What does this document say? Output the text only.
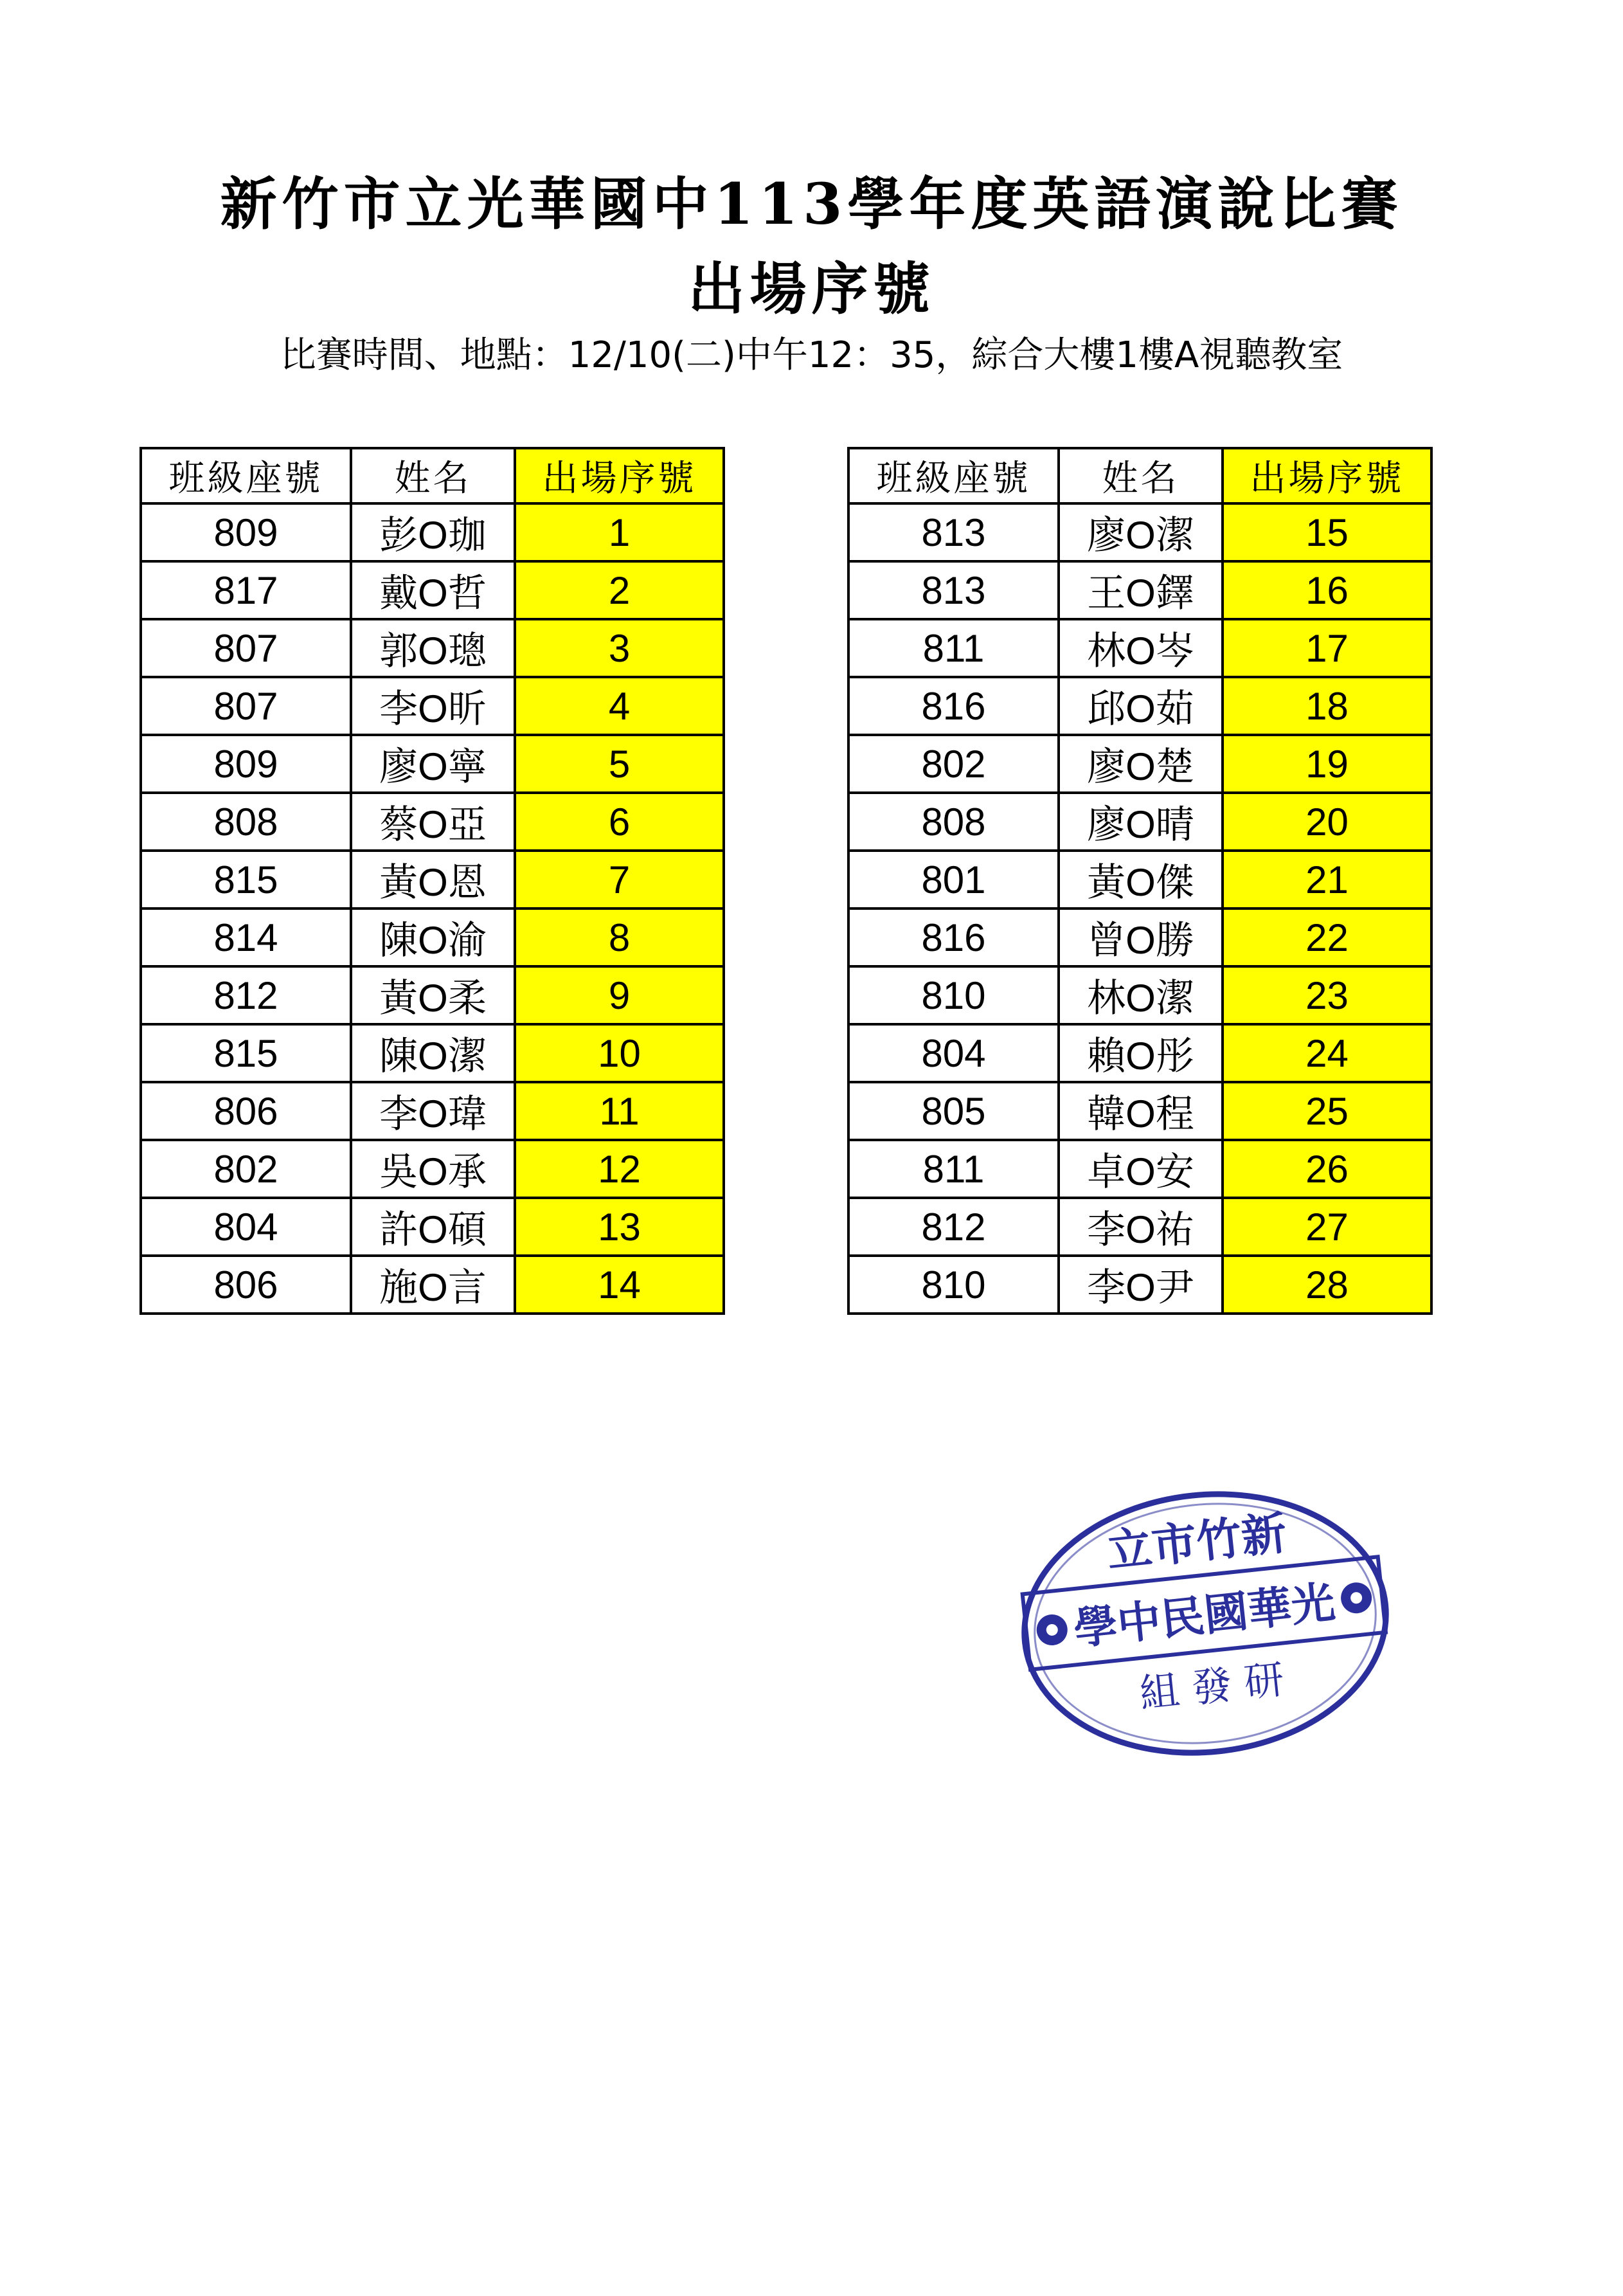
新竹市立光華國中113學年度英語演說比賽
出場序號
比賽時間、地點：12/10(二)中午12：35，綜合大樓1樓A視聽教室
班級座號	姓名	出場序號
809	彭O珈	1
817	戴O哲	2
807	郭O璁	3
807	李O昕	4
809	廖O寧	5
808	蔡O亞	6
815	黃O恩	7
814	陳O渝	8
812	黃O柔	9
815	陳O潔	10
806	李O瑋	11
802	吳O承	12
804	許O碩	13
806	施O言	14
班級座號	姓名	出場序號
813	廖O潔	15
813	王O鐸	16
811	林O岑	17
816	邱O茹	18
802	廖O楚	19
808	廖O晴	20
801	黃O傑	21
816	曾O勝	22
810	林O潔	23
804	賴O彤	24
805	韓O程	25
811	卓O安	26
812	李O祐	27
810	李O尹	28
立市竹新
學中民國華光
組 發 研
